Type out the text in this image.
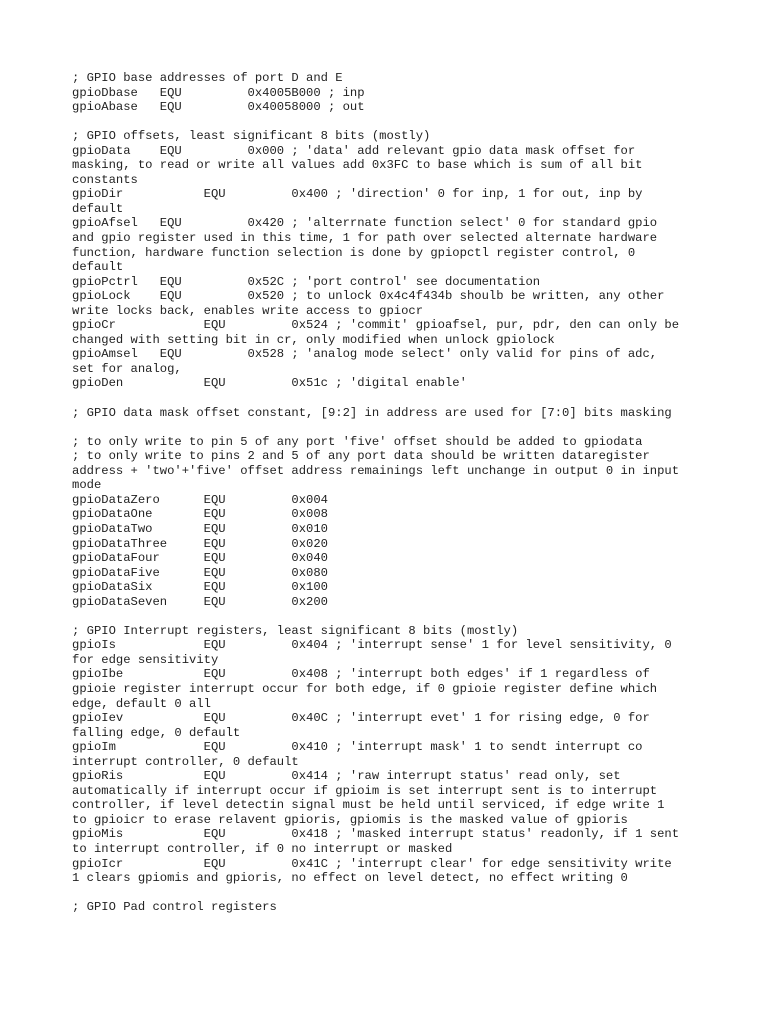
; GPIO base addresses of port D and E
gpioDbase   EQU         0x4005B000 ; inp
gpioAbase   EQU         0x40058000 ; out
; GPIO offsets, least significant 8 bits (mostly)
gpioData    EQU         0x000 ; 'data' add relevant gpio data mask offset for
masking, to read or write all values add 0x3FC to base which is sum of all bit
constants
gpioDir           EQU         0x400 ; 'direction' 0 for inp, 1 for out, inp by
default
gpioAfsel   EQU         0x420 ; 'alterrnate function select' 0 for standard gpio
and gpio register used in this time, 1 for path over selected alternate hardware
function, hardware function selection is done by gpiopctl register control, 0
default
gpioPctrl   EQU         0x52C ; 'port control' see documentation
gpioLock    EQU         0x520 ; to unlock 0x4c4f434b shoulb be written, any other
write locks back, enables write access to gpiocr
gpioCr            EQU         0x524 ; 'commit' gpioafsel, pur, pdr, den can only be
changed with setting bit in cr, only modified when unlock gpiolock
gpioAmsel   EQU         0x528 ; 'analog mode select' only valid for pins of adc,
set for analog,
gpioDen           EQU         0x51c ; 'digital enable'
; GPIO data mask offset constant, [9:2] in address are used for [7:0] bits masking
; to only write to pin 5 of any port 'five' offset should be added to gpiodata
; to only write to pins 2 and 5 of any port data should be written dataregister
address + 'two'+'five' offset address remainings left unchange in output 0 in input
mode
gpioDataZero      EQU         0x004
gpioDataOne       EQU         0x008
gpioDataTwo       EQU         0x010
gpioDataThree     EQU         0x020
gpioDataFour      EQU         0x040
gpioDataFive      EQU         0x080
gpioDataSix       EQU         0x100
gpioDataSeven     EQU         0x200
; GPIO Interrupt registers, least significant 8 bits (mostly)
gpioIs            EQU         0x404 ; 'interrupt sense' 1 for level sensitivity, 0
for edge sensitivity
gpioIbe           EQU         0x408 ; 'interrupt both edges' if 1 regardless of
gpioie register interrupt occur for both edge, if 0 gpioie register define which
edge, default 0 all
gpioIev           EQU         0x40C ; 'interrupt evet' 1 for rising edge, 0 for
falling edge, 0 default
gpioIm            EQU         0x410 ; 'interrupt mask' 1 to sendt interrupt co
interrupt controller, 0 default
gpioRis           EQU         0x414 ; 'raw interrupt status' read only, set
automatically if interrupt occur if gpioim is set interrupt sent is to interrupt
controller, if level detectin signal must be held until serviced, if edge write 1
to gpioicr to erase relavent gpioris, gpiomis is the masked value of gpioris
gpioMis           EQU         0x418 ; 'masked interrupt status' readonly, if 1 sent
to interrupt controller, if 0 no interrupt or masked
gpioIcr           EQU         0x41C ; 'interrupt clear' for edge sensitivity write
1 clears gpiomis and gpioris, no effect on level detect, no effect writing 0
; GPIO Pad control registers
